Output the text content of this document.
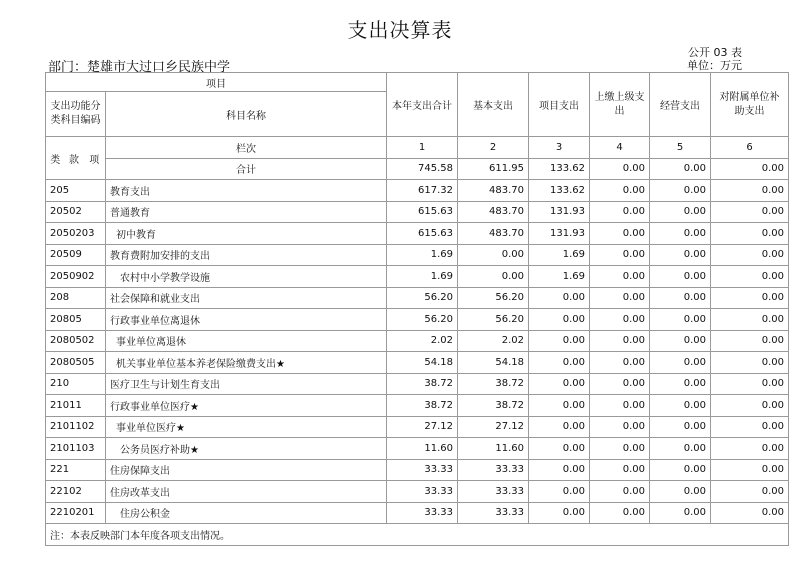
支出决算表
公开 03 表
部门：楚雄市大过口乡民族中学	单位：万元
项目				本年支出合计	基本支出	项目支出	上缴上级支出	经营支出	对附属单位补助支出
支出功能分类科目编码			科目名称						
类	款	项							
			栏次	1	2	3	4	5	6
			合计	745.58	611.95	133.62	0.00	0.00	0.00
205			教育支出	617.32	483.70	133.62	0.00	0.00	0.00
20502			普通教育	615.63	483.70	131.93	0.00	0.00	0.00
2050203			初中教育	615.63	483.70	131.93	0.00	0.00	0.00
20509			教育费附加安排的支出	1.69	0.00	1.69	0.00	0.00	0.00
2050902			农村中小学教学设施	1.69	0.00	1.69	0.00	0.00	0.00
208			社会保障和就业支出	56.20	56.20	0.00	0.00	0.00	0.00
20805			行政事业单位离退休	56.20	56.20	0.00	0.00	0.00	0.00
2080502			事业单位离退休	2.02	2.02	0.00	0.00	0.00	0.00
2080505			机关事业单位基本养老保险缴费支出★	54.18	54.18	0.00	0.00	0.00	0.00
210			医疗卫生与计划生育支出	38.72	38.72	0.00	0.00	0.00	0.00
21011			行政事业单位医疗★	38.72	38.72	0.00	0.00	0.00	0.00
2101102			事业单位医疗★	27.12	27.12	0.00	0.00	0.00	0.00
2101103			公务员医疗补助★	11.60	11.60	0.00	0.00	0.00	0.00
221			住房保障支出	33.33	33.33	0.00	0.00	0.00	0.00
22102			住房改革支出	33.33	33.33	0.00	0.00	0.00	0.00
2210201			住房公积金	33.33	33.33	0.00	0.00	0.00	0.00
注：本表反映部门本年度各项支出情况。									
